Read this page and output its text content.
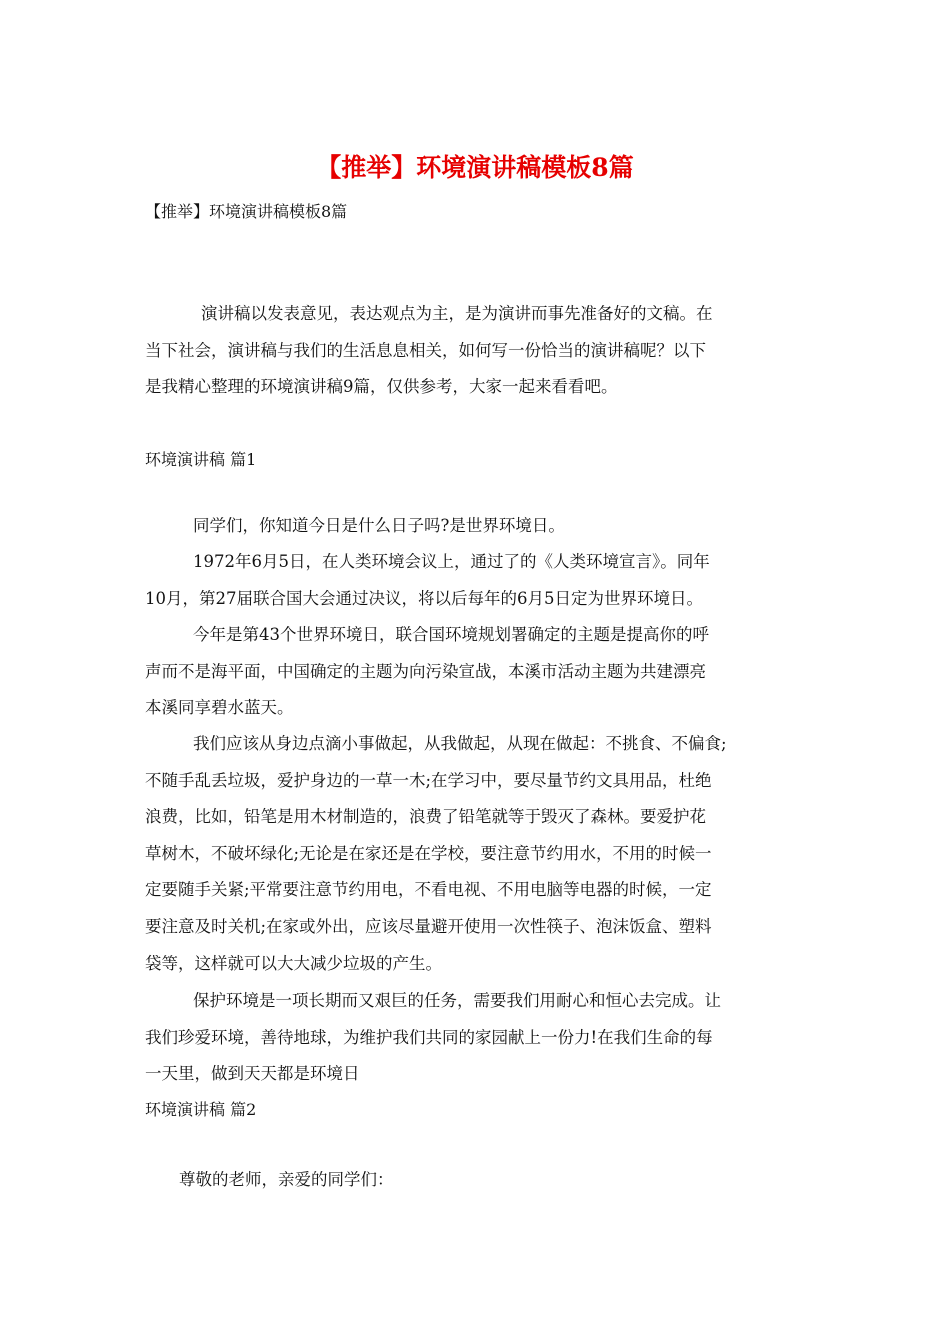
【推举】环境演讲稿模板8篇
【推举】环境演讲稿模板8篇
演讲稿以发表意见，表达观点为主，是为演讲而事先准备好的文稿。在
当下社会，演讲稿与我们的生活息息相关，如何写一份恰当的演讲稿呢？以下
是我精心整理的环境演讲稿9篇，仅供参考，大家一起来看看吧。
环境演讲稿 篇1
同学们，你知道今日是什么日子吗?是世界环境日。
1972年6月5日，在人类环境会议上，通过了的《人类环境宣言》。同年
10月，第27届联合国大会通过决议，将以后每年的6月5日定为世界环境日。
今年是第43个世界环境日，联合国环境规划署确定的主题是提高你的呼
声而不是海平面，中国确定的主题为向污染宣战，本溪市活动主题为共建漂亮
本溪同享碧水蓝天。
我们应该从身边点滴小事做起，从我做起，从现在做起：不挑食、不偏食;
不随手乱丢垃圾，爱护身边的一草一木;在学习中，要尽量节约文具用品，杜绝
浪费，比如，铅笔是用木材制造的，浪费了铅笔就等于毁灭了森林。要爱护花
草树木，不破坏绿化;无论是在家还是在学校，要注意节约用水，不用的时候一
定要随手关紧;平常要注意节约用电，不看电视、不用电脑等电器的时候，一定
要注意及时关机;在家或外出，应该尽量避开使用一次性筷子、泡沫饭盒、塑料
袋等，这样就可以大大减少垃圾的产生。
保护环境是一项长期而又艰巨的任务，需要我们用耐心和恒心去完成。让
我们珍爱环境，善待地球，为维护我们共同的家园献上一份力!在我们生命的每
一天里，做到天天都是环境日
环境演讲稿 篇2
尊敬的老师，亲爱的同学们：
